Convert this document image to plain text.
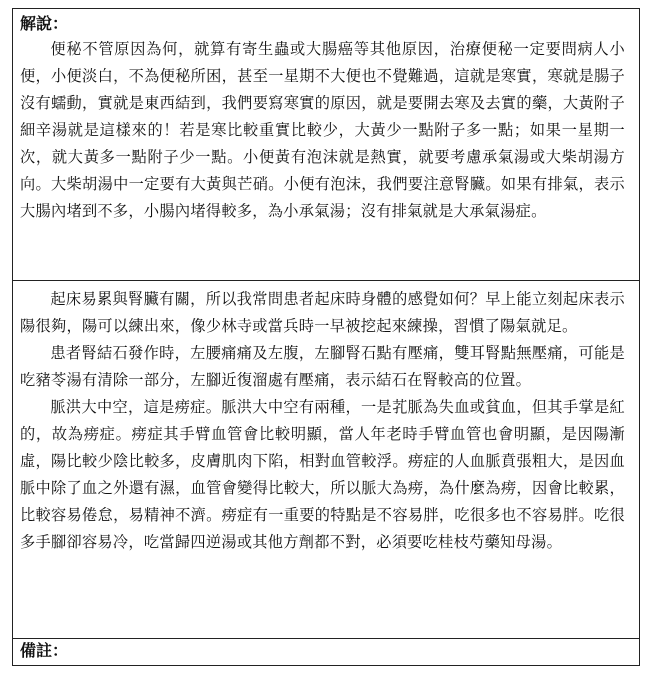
解說：

便秘不管原因為何，就算有寄生蟲或大腸癌等其他原因，治療便秘一定要問病人小便，小便淡白，不為便秘所困，甚至一星期不大便也不覺難過，這就是寒實，寒就是腸子沒有蠕動，實就是東西結到，我們要寫寒實的原因，就是要開去寒及去實的藥，大黃附子細辛湯就是這樣來的！若是寒比較重實比較少，大黃少一點附子多一點；如果一星期一次，就大黃多一點附子少一點。小便黃有泡沫就是熱實，就要考慮承氣湯或大柴胡湯方向。大柴胡湯中一定要有大黃與芒硝。小便有泡沫，我們要注意腎臟。如果有排氣，表示大腸內堵到不多，小腸內堵得較多，為小承氣湯；沒有排氣就是大承氣湯症。

起床易累與腎臟有關，所以我常問患者起床時身體的感覺如何？早上能立刻起床表示陽很夠，陽可以練出來，像少林寺或當兵時一早被挖起來練操，習慣了陽氣就足。

患者腎結石發作時，左腰痛痛及左腹，左腳腎石點有壓痛，雙耳腎點無壓痛，可能是吃豬苓湯有清除一部分，左腳近復溜處有壓痛，表示結石在腎較高的位置。

脈洪大中空，這是痨症。脈洪大中空有兩種，一是芤脈為失血或貧血，但其手掌是紅的，故為痨症。痨症其手臂血管會比較明顯，當人年老時手臂血管也會明顯，是因陽漸虛，陽比較少陰比較多，皮膚肌肉下陷，相對血管較浮。痨症的人血脈賁張粗大，是因血脈中除了血之外還有濕，血管會變得比較大，所以脈大為痨，為什麼為痨，因會比較累，比較容易倦怠，易精神不濟。痨症有一重要的特點是不容易胖，吃很多也不容易胖。吃很多手腳卻容易冷，吃當歸四逆湯或其他方劑都不對，必須要吃桂枝芍藥知母湯。

備註：
